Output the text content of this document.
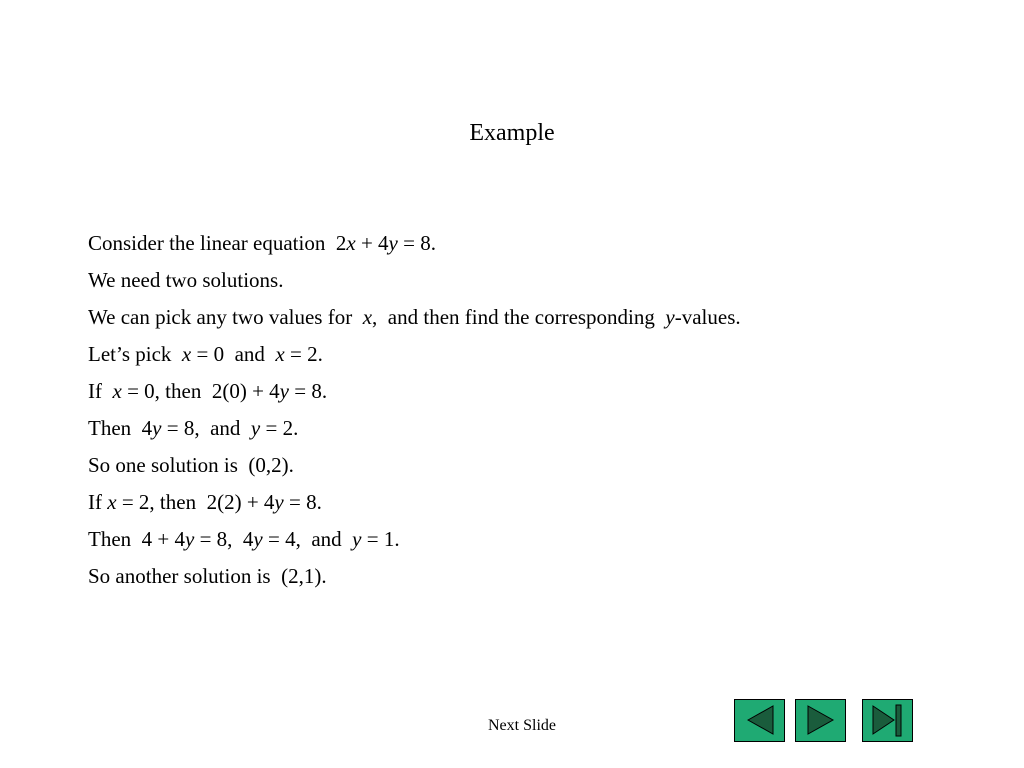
Example
Consider the linear equation  2x + 4y = 8.
We need two solutions.
We can pick any two values for  x,  and then find the corresponding  y-values.
Let’s pick  x = 0  and  x = 2.
If  x = 0, then  2(0) + 4y = 8.
Then  4y = 8,  and  y = 2.
So one solution is  (0,2).
If x = 2, then  2(2) + 4y = 8.
Then  4 + 4y = 8,  4y = 4,  and  y = 1.
So another solution is  (2,1).
Next Slide
